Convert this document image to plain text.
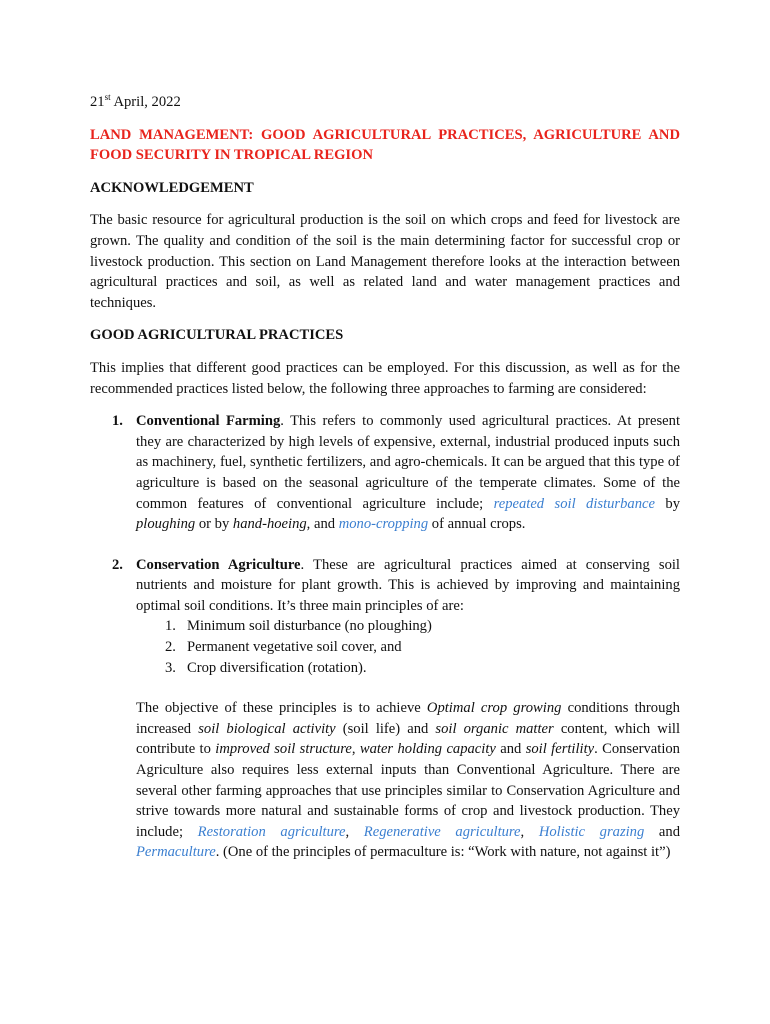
21st April, 2022

LAND MANAGEMENT: GOOD AGRICULTURAL PRACTICES, AGRICULTURE AND FOOD SECURITY IN TROPICAL REGION

ACKNOWLEDGEMENT

The basic resource for agricultural production is the soil on which crops and feed for livestock are grown. The quality and condition of the soil is the main determining factor for successful crop or livestock production. This section on Land Management therefore looks at the interaction between agricultural practices and soil, as well as related land and water management practices and techniques.

GOOD AGRICULTURAL PRACTICES

This implies that different good practices can be employed. For this discussion, as well as for the recommended practices listed below, the following three approaches to farming are considered:

1. Conventional Farming. This refers to commonly used agricultural practices. At present they are characterized by high levels of expensive, external, industrial produced inputs such as machinery, fuel, synthetic fertilizers, and agro-chemicals. It can be argued that this type of agriculture is based on the seasonal agriculture of the temperate climates. Some of the common features of conventional agriculture include; repeated soil disturbance by ploughing or by hand-hoeing, and mono-cropping of annual crops.

2. Conservation Agriculture. These are agricultural practices aimed at conserving soil nutrients and moisture for plant growth. This is achieved by improving and maintaining optimal soil conditions. It’s three main principles of are:

1. Minimum soil disturbance (no ploughing)
2. Permanent vegetative soil cover, and
3. Crop diversification (rotation).

The objective of these principles is to achieve Optimal crop growing conditions through increased soil biological activity (soil life) and soil organic matter content, which will contribute to improved soil structure, water holding capacity and soil fertility. Conservation Agriculture also requires less external inputs than Conventional Agriculture. There are several other farming approaches that use principles similar to Conservation Agriculture and strive towards more natural and sustainable forms of crop and livestock production. They include; Restoration agriculture, Regenerative agriculture, Holistic grazing and Permaculture. (One of the principles of permaculture is: “Work with nature, not against it”)
